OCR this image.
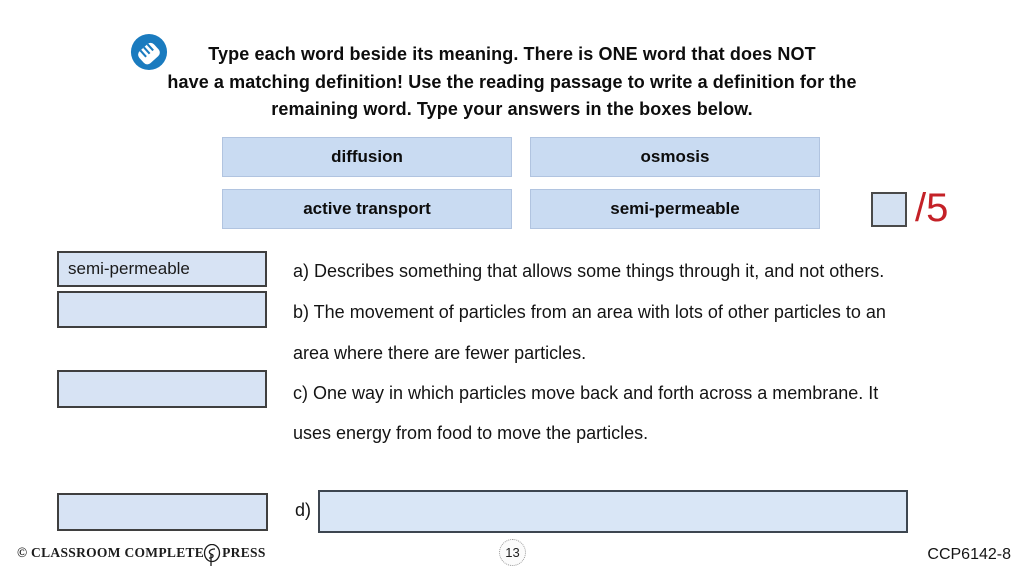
Type each word beside its meaning. There is ONE word that does NOT
have a matching definition! Use the reading passage to write a definition for the
remaining word. Type your answers in the boxes below.
diffusion	osmosis
active transport	semi-permeable	/5
semi-permeable
a) Describes something that allows some things through it, and not others.
b) The movement of particles from an area with lots of other particles to an
area where there are fewer particles.
c) One way in which particles move back and forth across a membrane. It
uses energy from food to move the particles.
d)
© CLASSROOM COMPLETE PRESS	13	CCP6142-8
